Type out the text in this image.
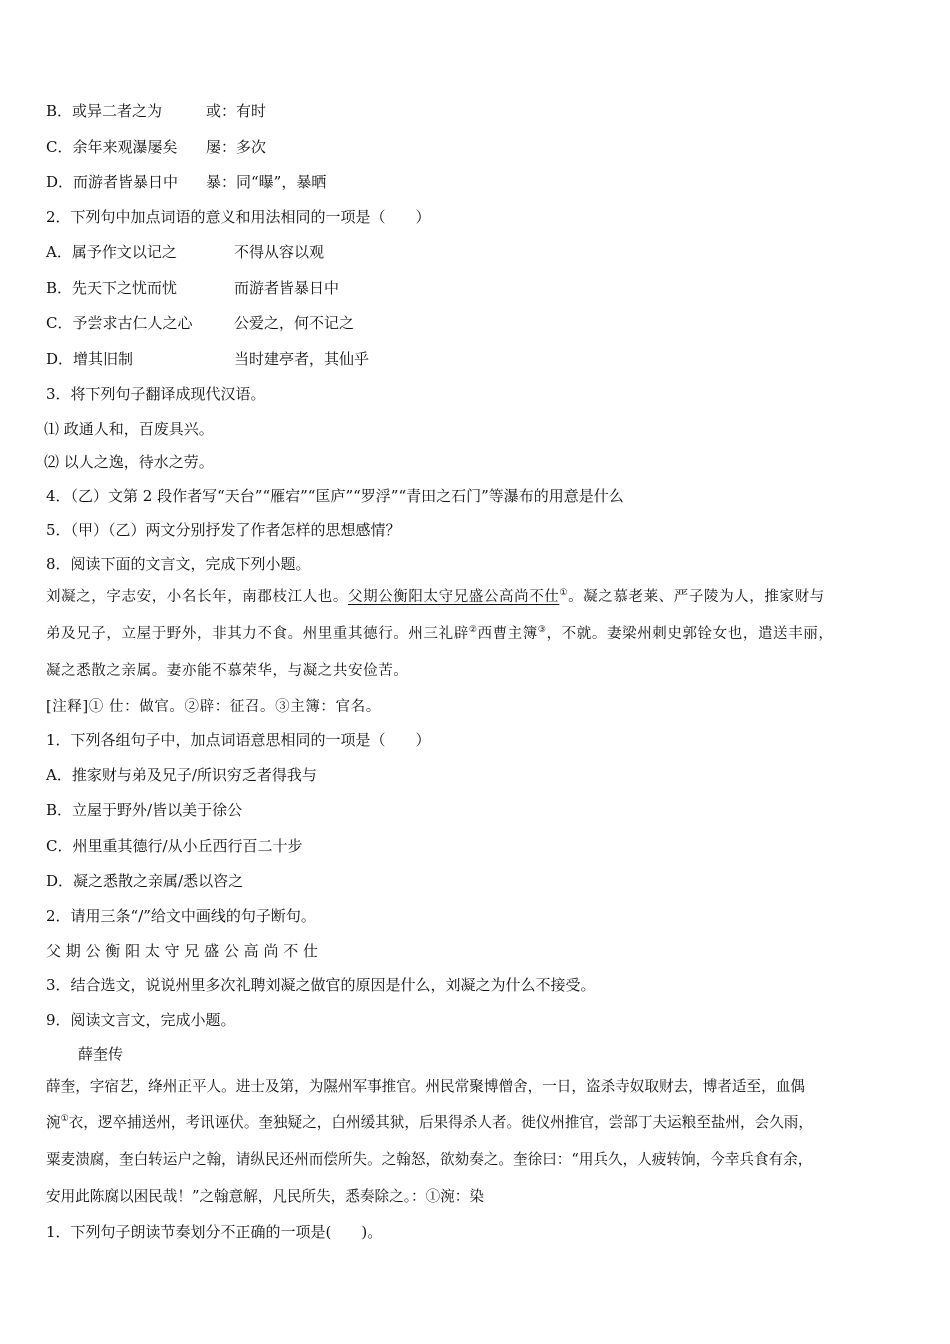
B．或异二者之为	或：有时
C．余年来观瀑屡矣 屡：多次
D．而游者皆暴日中 暴：同“曝”，暴晒
2．下列句中加点词语的意义和用法相同的一项是（　　）
A．属予作文以记之	不得从容以观
B．先天下之忧而忧	而游者皆暴日中
C．予尝求古仁人之心	公爱之，何不记之
D．增其旧制	当时建亭者，其仙乎
3．将下列句子翻译成现代汉语。
⑴ 政通人和，百废具兴。
⑵ 以人之逸，待水之劳。
4．（乙）文第 2 段作者写“天台”“雁宕”“匡庐”“罗浮”“青田之石门”等瀑布的用意是什么
5．（甲）（乙）两文分别抒发了作者怎样的思想感情？
8．阅读下面的文言文，完成下列小题。
刘凝之，字志安，小名长年，南郡枝江人也。父期公衡阳太守兄盛公高尚不仕①。凝之慕老莱、严子陵为人，推家财与
弟及兄子，立屋于野外，非其力不食。州里重其德行。州三礼辟②西曹主簿③，不就。妻梁州刺史郭铨女也，遣送丰丽，
凝之悉散之亲属。妻亦能不慕荣华，与凝之共安俭苦。
[注释]① 仕：做官。②辟：征召。③主簿：官名。
1．下列各组句子中，加点词语意思相同的一项是（　　）
A．推家财与弟及兄子/所识穷乏者得我与
B．立屋于野外/皆以美于徐公
C．州里重其德行/从小丘西行百二十步
D．凝之悉散之亲属/悉以咨之
2．请用三条“/”给文中画线的句子断句。
父 期 公 衡 阳 太 守 兄 盛 公 高 尚 不 仕
3．结合选文，说说州里多次礼聘刘凝之做官的原因是什么，刘凝之为什么不接受。
9．阅读文言文，完成小题。
薛奎传
薛奎，字宿艺，绛州正平人。进士及第，为隰州军事推官。州民常聚博僧舍，一日，盗杀寺奴取财去，博者适至，血偶
涴①衣，逻卒捕送州，考讯诬伏。奎独疑之，白州缓其狱，后果得杀人者。徙仪州推官，尝部丁夫运粮至盐州，会久雨，
粟麦溃腐，奎白转运户之翰，请纵民还州而偿所失。之翰怒，欲劾奏之。奎徐曰：“用兵久，人疲转饷，今幸兵食有余，
安用此陈腐以困民哉！”之翰意解，凡民所失，悉奏除之。：①涴：染
1．下列句子朗读节奏划分不正确的一项是(　　)。
